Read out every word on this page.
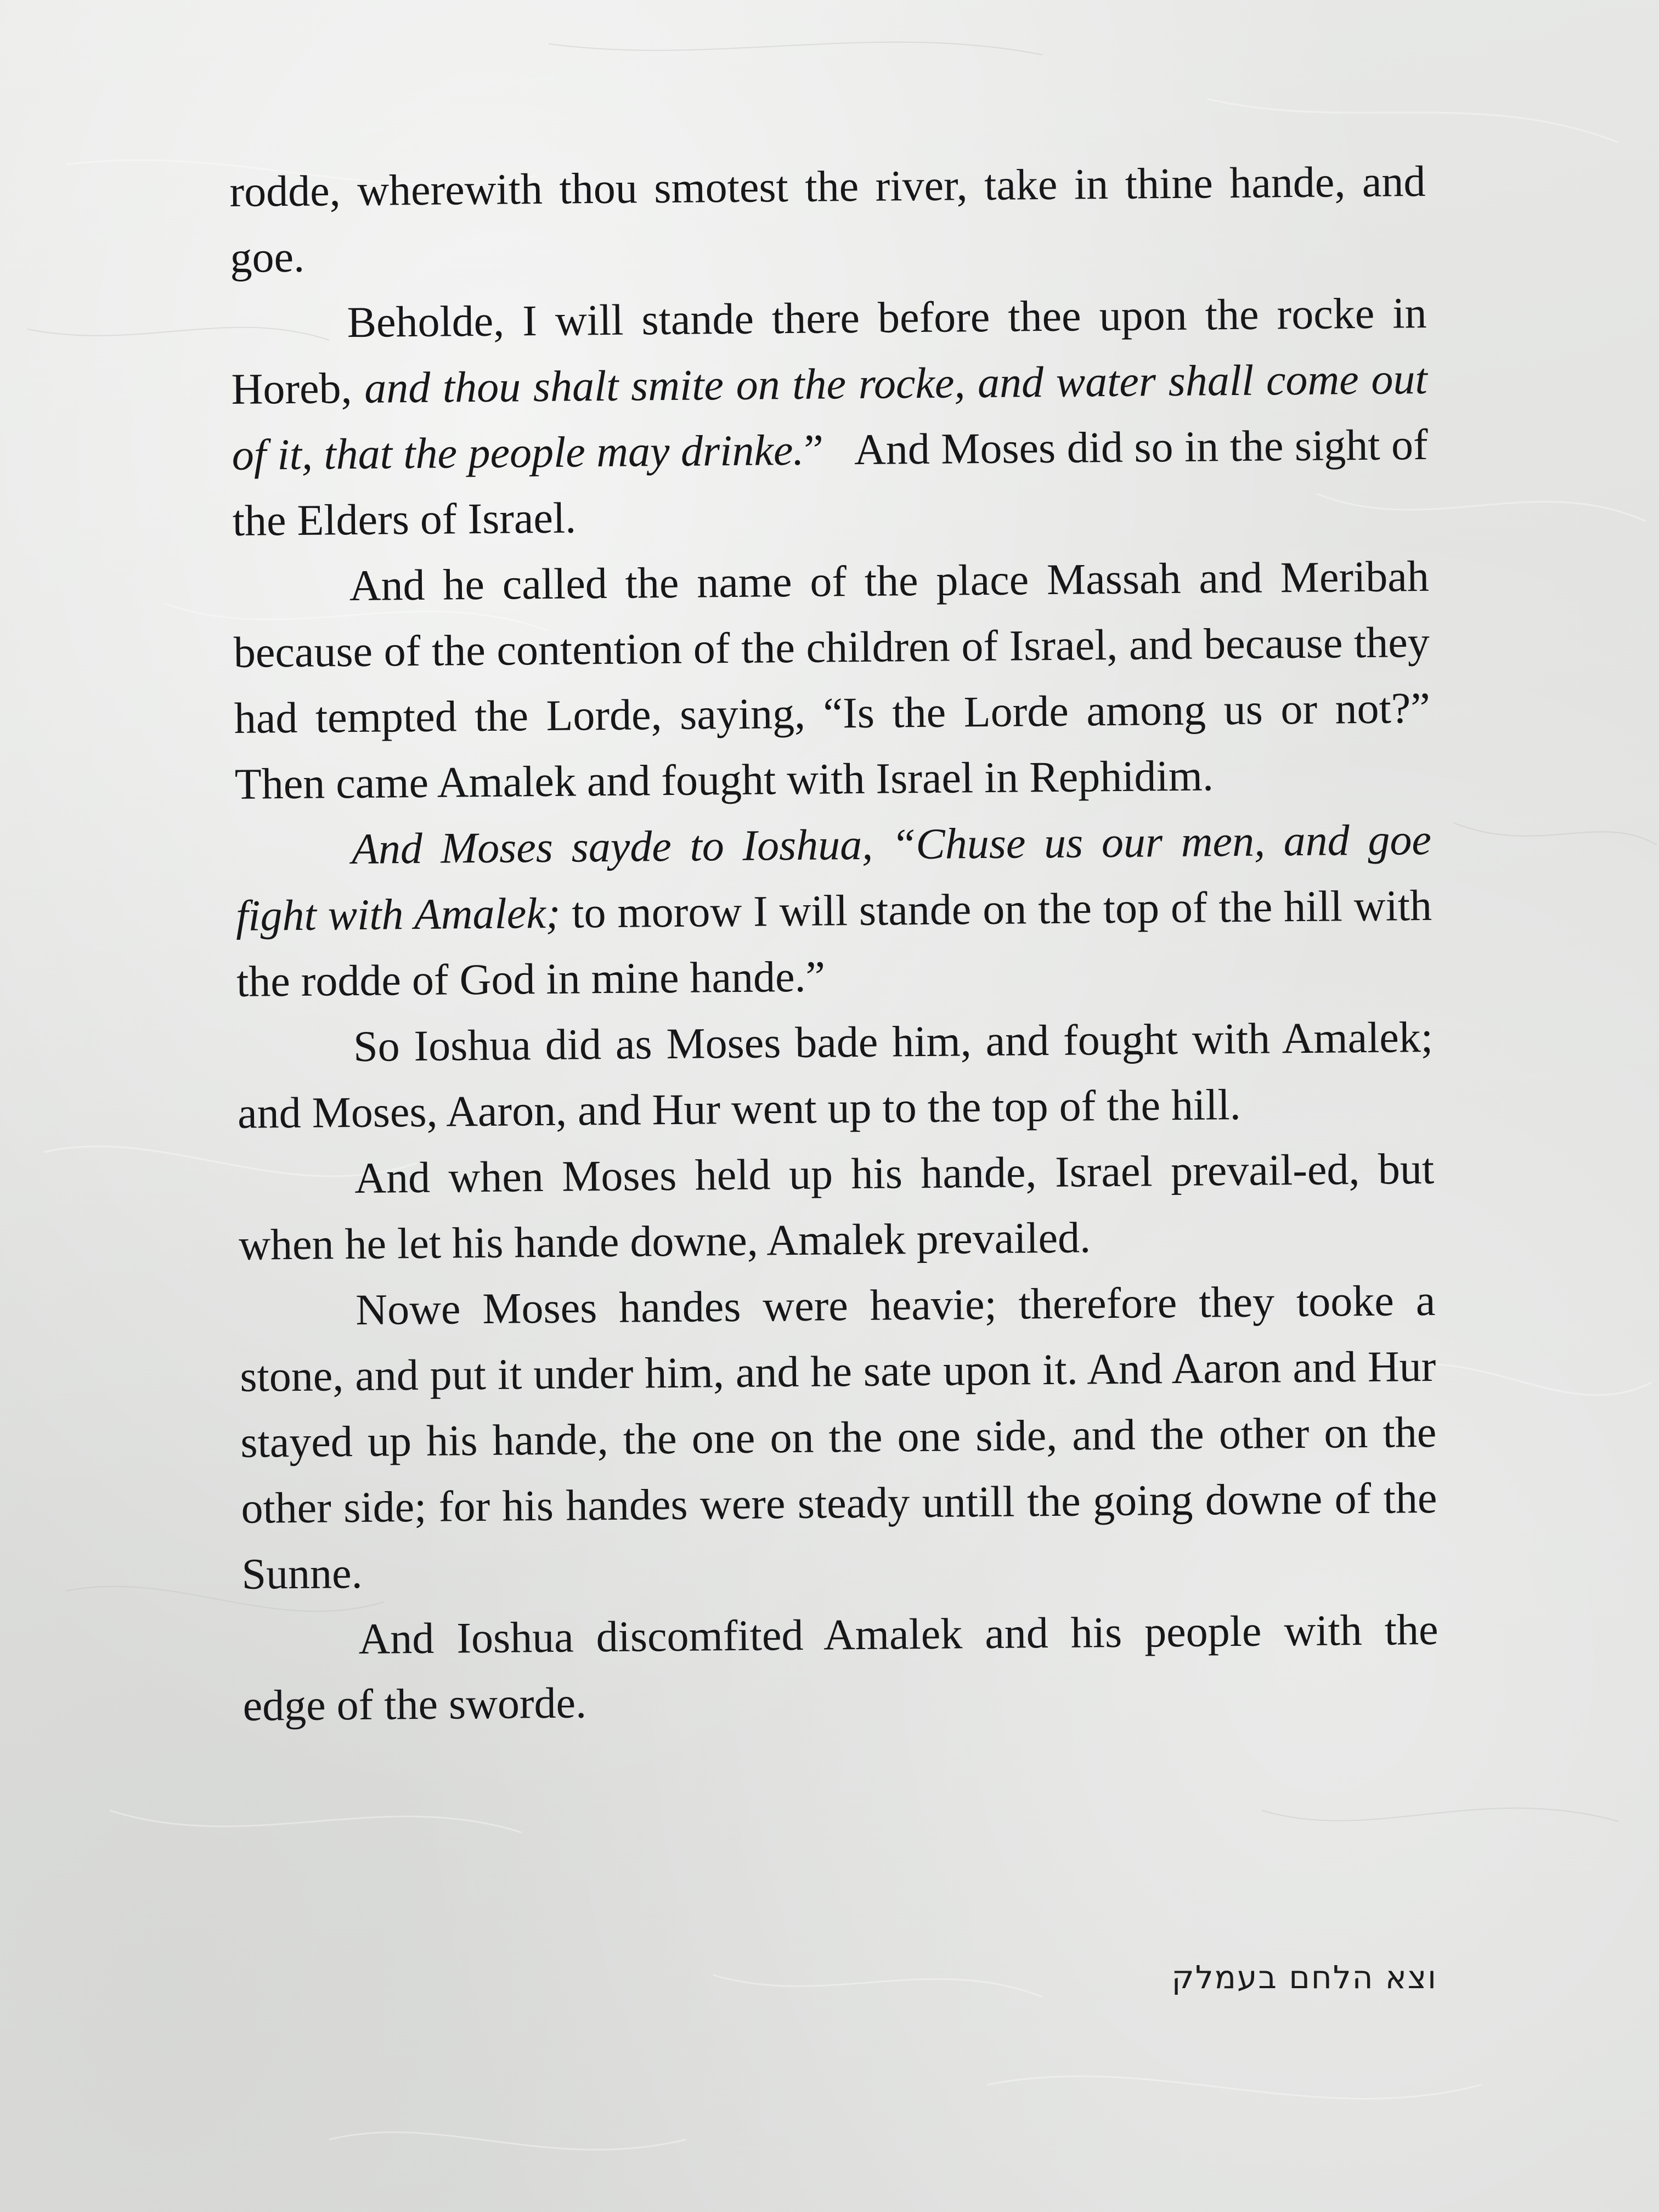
rodde, wherewith thou smotest the river, take in thine hande, and goe.

Beholde, I will stande there before thee upon the rocke in Horeb, and thou shalt smite on the rocke, and water shall come out of it, that the people may drinke.”  And Moses did so in the sight of the Elders of Israel.

And he called the name of the place Massah and Meribah because of the contention of the children of Israel, and because they had tempted the Lorde, saying, “Is the Lorde among us or not?” Then came Amalek and fought with Israel in Rephidim.

And Moses sayde to Ioshua, “Chuse us our men, and goe fight with Amalek; to morow I will stande on the top of the hill with the rodde of God in mine hande.”

So Ioshua did as Moses bade him, and fought with Amalek; and Moses, Aaron, and Hur went up to the top of the hill.

And when Moses held up his hande, Israel prevail-ed, but when he let his hande downe, Amalek prevailed.

Nowe Moses handes were heavie; therefore they tooke a stone, and put it under him, and he sate upon it. And Aaron and Hur stayed up his hande, the one on the one side, and the other on the other side; for his handes were steady untill the going downe of the Sunne.

And Ioshua discomfited Amalek and his people with the edge of the sworde.

וצא הלחם בעמלק
